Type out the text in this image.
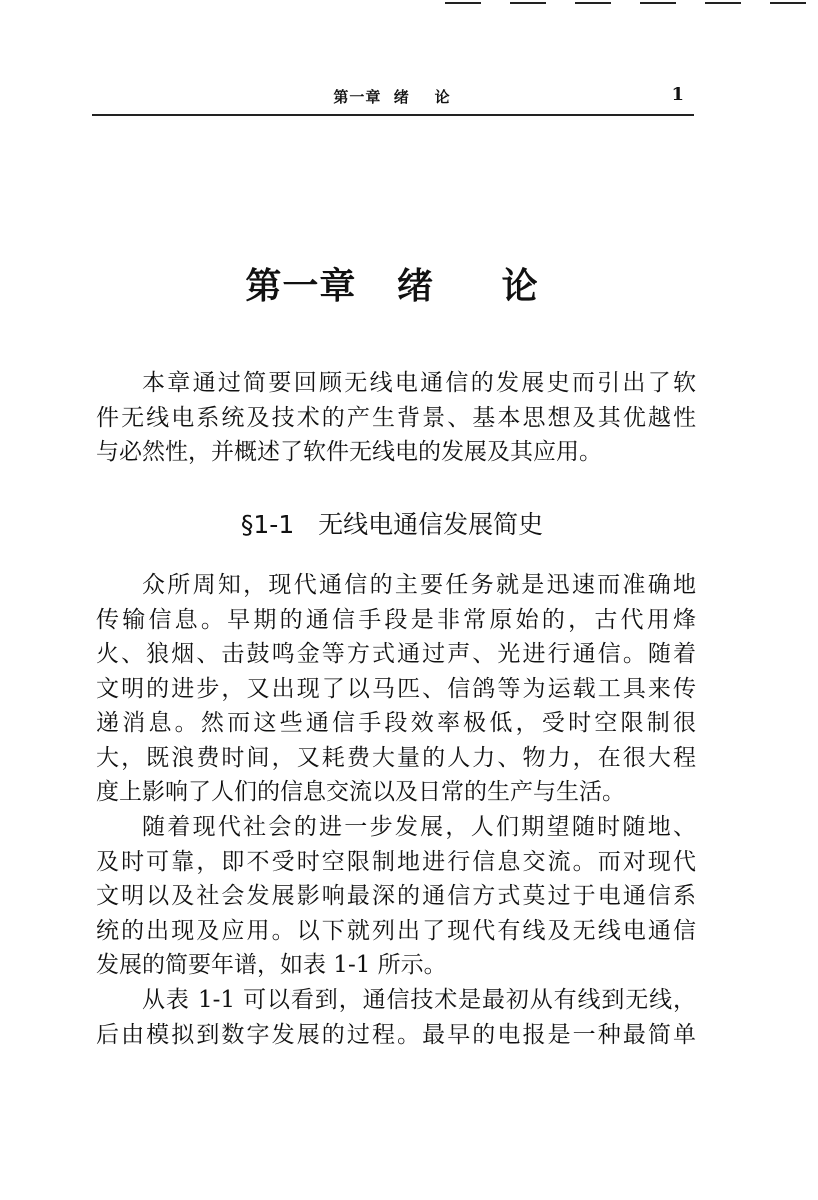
第一章  绪    论	1
第一章   绪     论
本章通过简要回顾无线电通信的发展史而引出了软
件无线电系统及技术的产生背景、基本思想及其优越性
与必然性，并概述了软件无线电的发展及其应用。
§1-1   无线电通信发展简史
众所周知，现代通信的主要任务就是迅速而准确地
传输信息。早期的通信手段是非常原始的，古代用烽
火、狼烟、击鼓鸣金等方式通过声、光进行通信。随着
文明的进步，又出现了以马匹、信鸽等为运载工具来传
递消息。然而这些通信手段效率极低，受时空限制很
大，既浪费时间，又耗费大量的人力、物力，在很大程
度上影响了人们的信息交流以及日常的生产与生活。
随着现代社会的进一步发展，人们期望随时随地、
及时可靠，即不受时空限制地进行信息交流。而对现代
文明以及社会发展影响最深的通信方式莫过于电通信系
统的出现及应用。以下就列出了现代有线及无线电通信
发展的简要年谱，如表 1-1 所示。
从表 1-1 可以看到，通信技术是最初从有线到无线，
后由模拟到数字发展的过程。最早的电报是一种最简单
